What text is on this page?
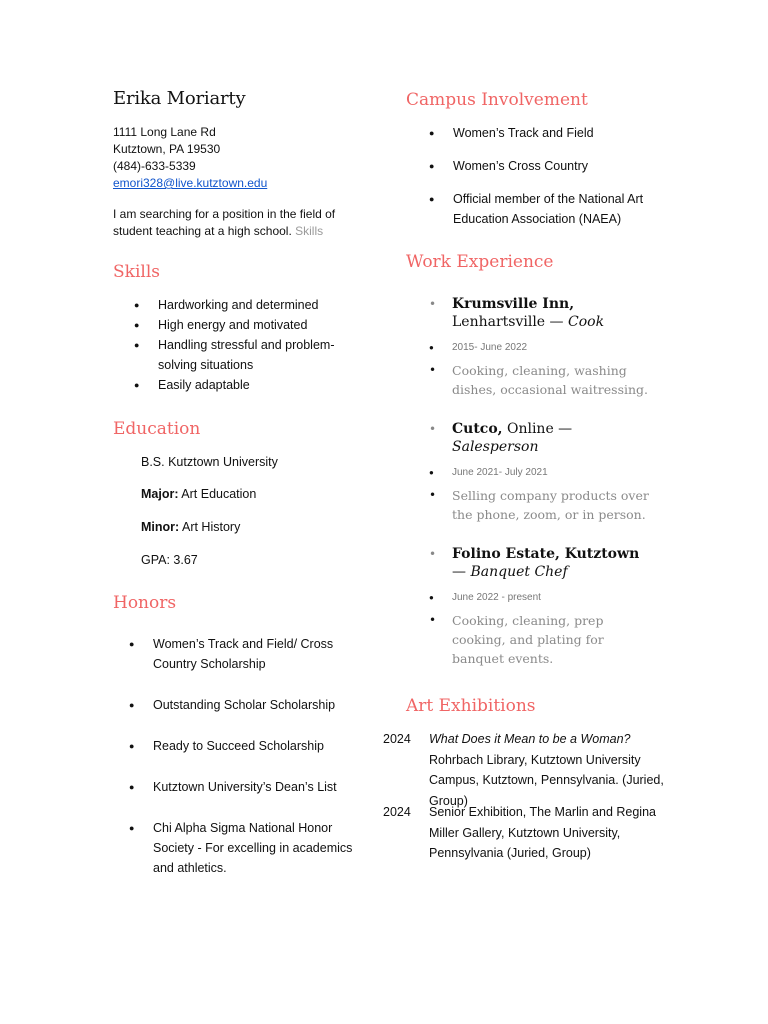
Erika Moriarty
1111 Long Lane Rd
Kutztown, PA 19530
(484)-633-5339
emori328@live.kutztown.edu
I am searching for a position in the field of student teaching at a high school. Skills
Skills
● Hardworking and determined
● High energy and motivated
● Handling stressful and problem-solving situations
● Easily adaptable
Education
B.S. Kutztown University
Major: Art Education
Minor: Art History
GPA: 3.67
Honors
● Women’s Track and Field/ Cross Country Scholarship
● Outstanding Scholar Scholarship
● Ready to Succeed Scholarship
● Kutztown University’s Dean’s List
● Chi Alpha Sigma National Honor Society - For excelling in academics and athletics.
Campus Involvement
● Women’s Track and Field
● Women’s Cross Country
● Official member of the National Art Education Association (NAEA)
Work Experience
• Krumsville Inn,
Lenhartsville — Cook
● 2015- June 2022
• Cooking, cleaning, washing dishes, occasional waitressing.
• Cutco, Online —
Salesperson
● June 2021- July 2021
• Selling company products over the phone, zoom, or in person.
• Folino Estate, Kutztown
— Banquet Chef
● June 2022 - present
• Cooking, cleaning, prep cooking, and plating for banquet events.
Art Exhibitions
2024	What Does it Mean to be a Woman? Rohrbach Library, Kutztown University Campus, Kutztown, Pennsylvania. (Juried, Group)
2024	Senior Exhibition, The Marlin and Regina Miller Gallery, Kutztown University, Pennsylvania (Juried, Group)
